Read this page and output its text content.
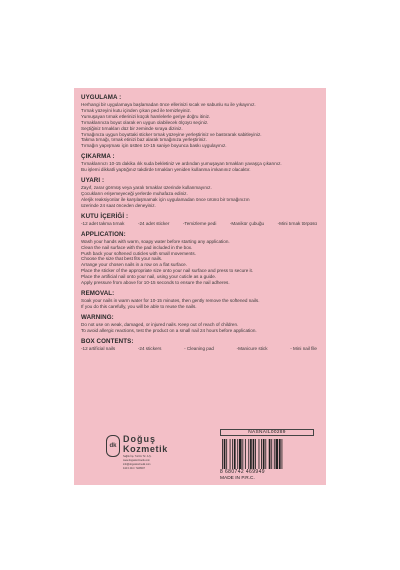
UYGULAMA :
Herhangi bir uygulamaya başlamadan önce ellerinizi sıcak ve sabunlu su ile yıkayınız.
Tırnak yüzeyini kutu içinden çıkan ped ile temizleyiniz.
Yumuşayan tırnak etlerinizi küçük hamlelerle geriye doğru itiniz.
Tırnaklarınıza boyut olarak en uygun olabilecek ölçüyü seçiniz.
Seçtiğiniz tırnakları düz bir zeminde sıraya diziniz.
Tırnağınıza uygun boyuttaki sticker tırnak yüzeyine yerleştiriniz ve bastırarak sabitleyiniz.
Takma tırnağı, tırnak etinizi baz alarak tırnağınıza yerleştiriniz.
Tırnağın yapışması için üstten 10-15 saniye boyunca baskı uygulayınız.
ÇIKARMA :
Tırnaklarınızı 10-15 dakika ılık suda bekletiniz ve ardından yumuşayan tırnakları yavaşça çıkarınız.
Bu işlemi dikkatli yaptığınız takdirde tırnakları yeniden kullanma imkanınız olacaktır.
UYARI :
Zayıf, zarar görmüş veya yaralı tırnaklar üzerinde kullanmayınız.
Çocukların erişemeyeceği yerlerde muhafaza ediniz.
Alerjik reaksiyonlar ile karşılaşmamak için uygulamadan önce ürünü bir tırnağınızın
üzerinde 24 saat önceden deneyiniz.
KUTU İÇERİĞİ :
-12 adet takma tırnak	-24 adet sticker	-Temizleme pedi	-Manikür çubuğu	-Mini tırnak törpüsü
APPLICATION:
Wash your hands with warm, soapy water before starting any application.
Clean the nail surface with the pad included in the box.
Push back your softened cuticles with small movements.
Choose the size that best fits your nails.
Arrange your chosen nails in a row on a flat surface.
Place the sticker of the appropriate size onto your nail surface and press to secure it.
Place the artificial nail onto your nail, using your cuticle as a guide.
Apply pressure from above for 10-15 seconds to ensure the nail adheres.
REMOVAL:
Soak your nails in warm water for 10-15 minutes, then gently remove the softened nails.
If you do this carefully, you will be able to reuse the nails.
WARNING:
Do not use on weak, damaged, or injured nails. Keep out of reach of children.
To avoid allergic reactions, test the product on a small nail 24 hours before application.
BOX CONTENTS:
-12 artificial nails	-24 stickers	- Cleaning pad	-Manicure stick	- Mini nail file
dk
Doğuş
Kozmetik
Sağlık İnş. Turizm Tic. A.Ş.
www.doguskozmetik.com
info@doguskozmetik.com
444 0 444 / 7228497
NASNAIL00289
8 680742 469949
MADE IN P.R.C.
